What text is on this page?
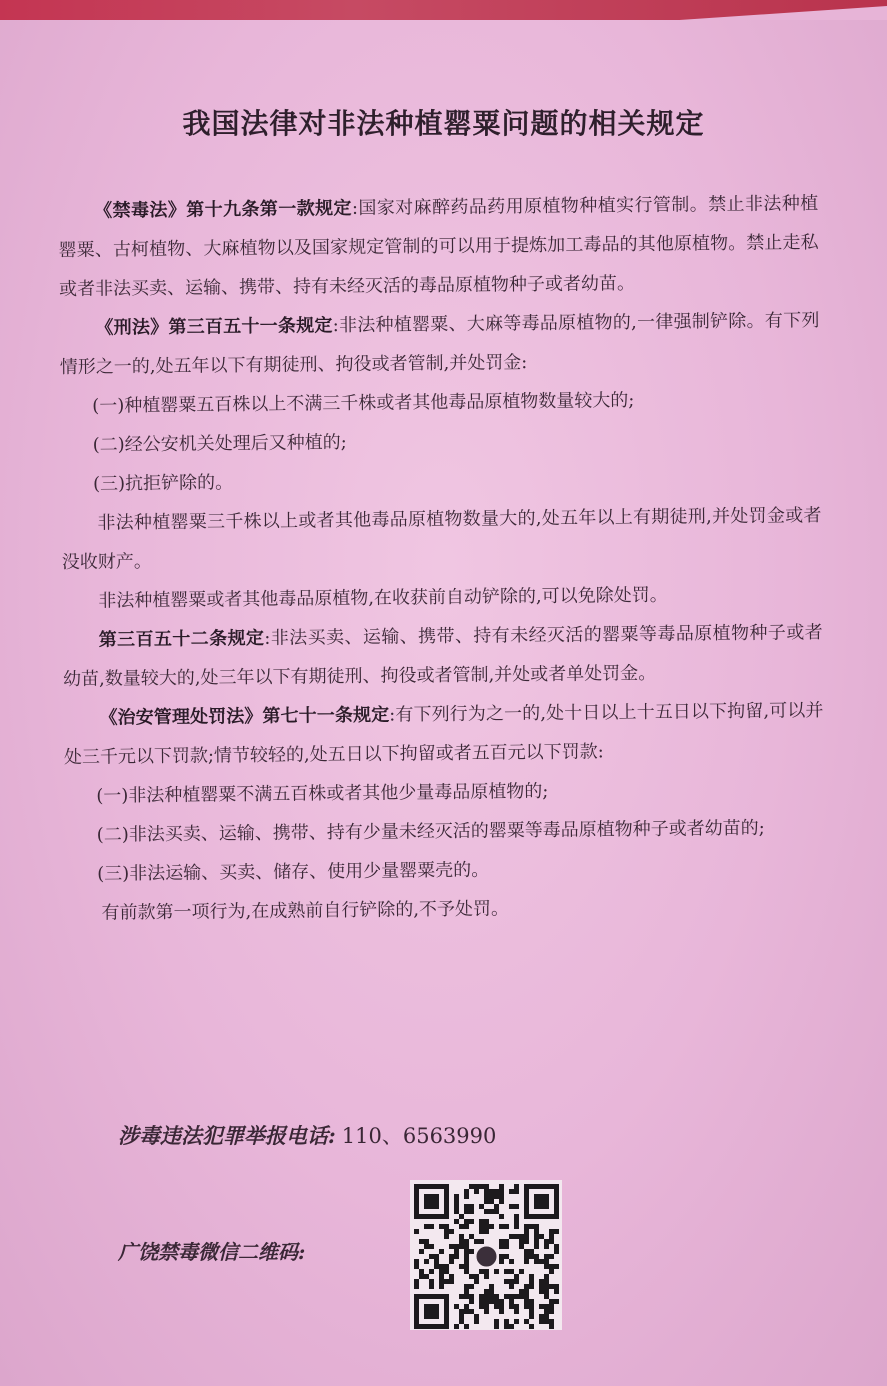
我国法律对非法种植罂粟问题的相关规定

《禁毒法》第十九条第一款规定:国家对麻醉药品药用原植物种植实行管制。禁止非法种植罂粟、古柯植物、大麻植物以及国家规定管制的可以用于提炼加工毒品的其他原植物。禁止走私或者非法买卖、运输、携带、持有未经灭活的毒品原植物种子或者幼苗。

《刑法》第三百五十一条规定:非法种植罂粟、大麻等毒品原植物的,一律强制铲除。有下列情形之一的,处五年以下有期徒刑、拘役或者管制,并处罚金:

(一)种植罂粟五百株以上不满三千株或者其他毒品原植物数量较大的;

(二)经公安机关处理后又种植的;

(三)抗拒铲除的。

非法种植罂粟三千株以上或者其他毒品原植物数量大的,处五年以上有期徒刑,并处罚金或者没收财产。

非法种植罂粟或者其他毒品原植物,在收获前自动铲除的,可以免除处罚。

第三百五十二条规定:非法买卖、运输、携带、持有未经灭活的罂粟等毒品原植物种子或者幼苗,数量较大的,处三年以下有期徒刑、拘役或者管制,并处或者单处罚金。

《治安管理处罚法》第七十一条规定:有下列行为之一的,处十日以上十五日以下拘留,可以并处三千元以下罚款;情节较轻的,处五日以下拘留或者五百元以下罚款:

(一)非法种植罂粟不满五百株或者其他少量毒品原植物的;

(二)非法买卖、运输、携带、持有少量未经灭活的罂粟等毒品原植物种子或者幼苗的;

(三)非法运输、买卖、储存、使用少量罂粟壳的。

有前款第一项行为,在成熟前自行铲除的,不予处罚。

涉毒违法犯罪举报电话: 110、6563990
广饶禁毒微信二维码:
